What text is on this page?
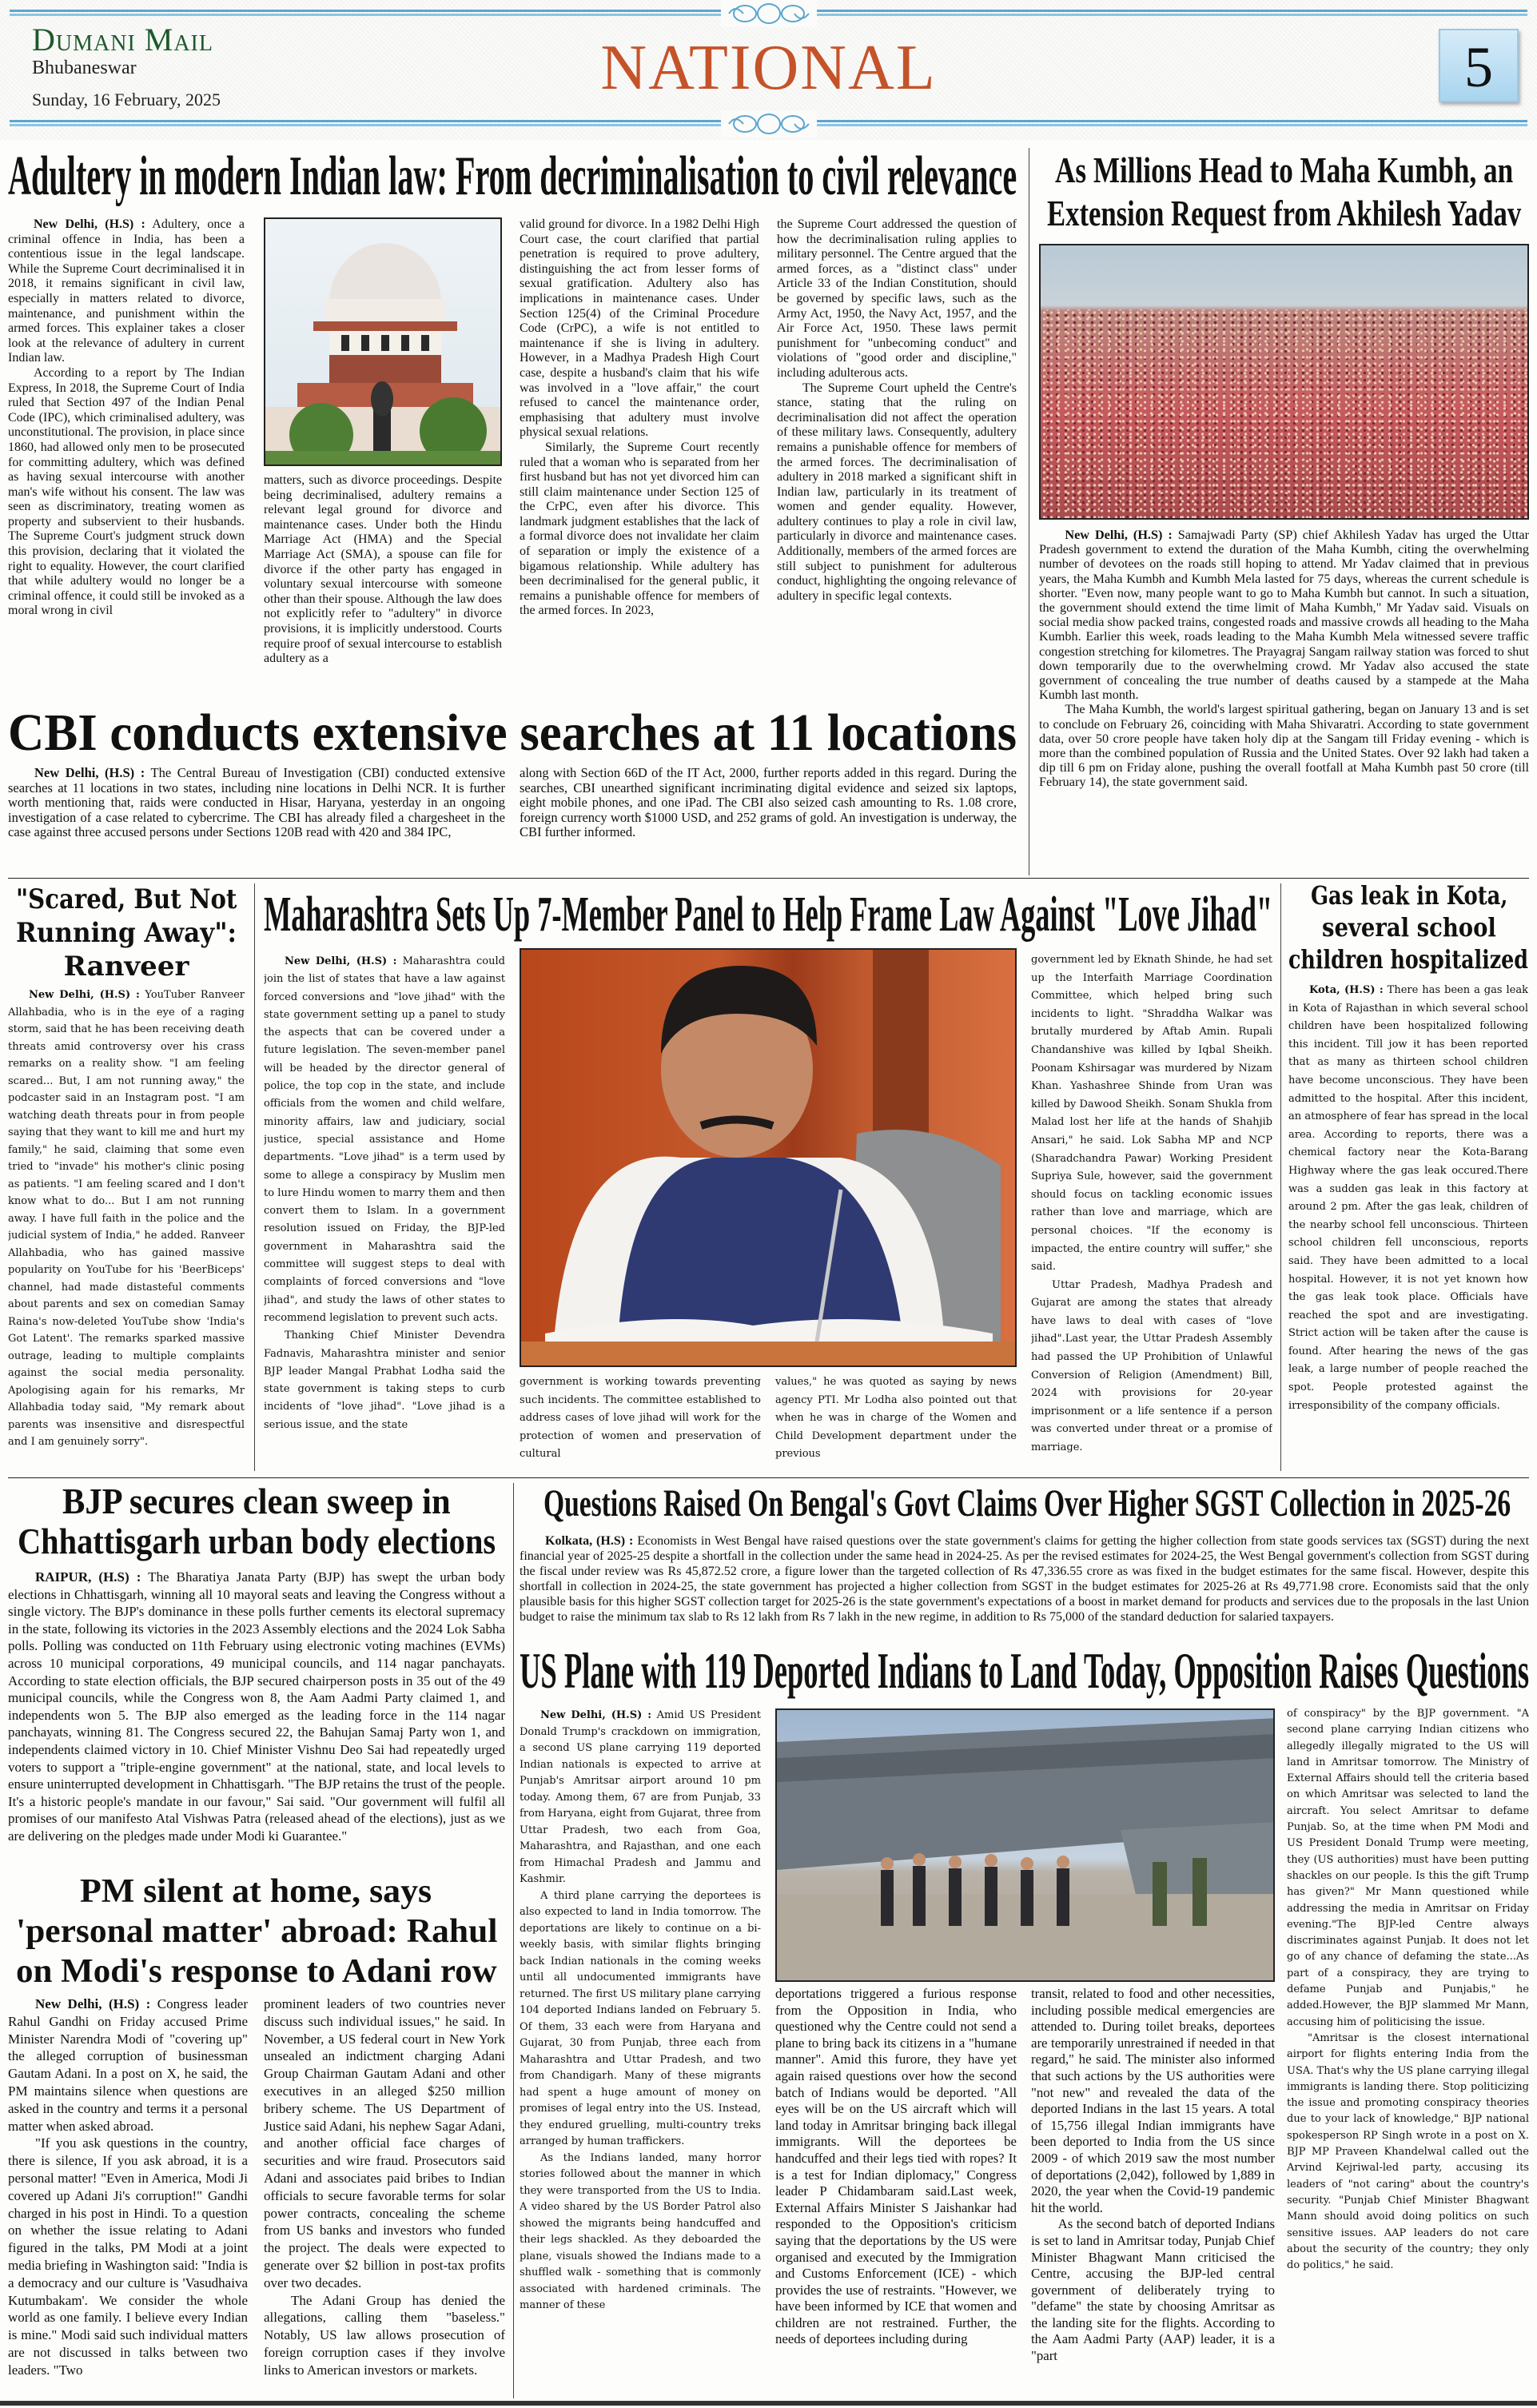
Dumani Mail
Bhubaneswar
Sunday, 16 February, 2025	NATIONAL	5
Adultery in modern Indian law: From decriminalisation to civil relevance

New Delhi, (H.S) : Adultery, once a criminal offence in India, has been a contentious issue in the legal landscape. While the Supreme Court decriminalised it in 2018, it remains significant in civil law, especially in matters related to divorce, maintenance, and punishment within the armed forces. This explainer takes a closer look at the relevance of adultery in current Indian law.

According to a report by The Indian Express, In 2018, the Supreme Court of India ruled that Section 497 of the Indian Penal Code (IPC), which criminalised adultery, was unconstitutional. The provision, in place since 1860, had allowed only men to be prosecuted for committing adultery, which was defined as having sexual intercourse with another man's wife without his consent. The law was seen as discriminatory, treating women as property and subservient to their husbands. The Supreme Court's judgment struck down this provision, declaring that it violated the right to equality. However, the court clarified that while adultery would no longer be a criminal offence, it could still be invoked as a moral wrong in civil

matters, such as divorce proceedings. Despite being decriminalised, adultery remains a relevant legal ground for divorce and maintenance cases. Under both the Hindu Marriage Act (HMA) and the Special Marriage Act (SMA), a spouse can file for divorce if the other party has engaged in voluntary sexual intercourse with someone other than their spouse. Although the law does not explicitly refer to "adultery" in divorce provisions, it is implicitly understood. Courts require proof of sexual intercourse to establish adultery as a

valid ground for divorce. In a 1982 Delhi High Court case, the court clarified that partial penetration is required to prove adultery, distinguishing the act from lesser forms of sexual gratification. Adultery also has implications in maintenance cases. Under Section 125(4) of the Criminal Procedure Code (CrPC), a wife is not entitled to maintenance if she is living in adultery. However, in a Madhya Pradesh High Court case, despite a husband's claim that his wife was involved in a "love affair," the court refused to cancel the maintenance order, emphasising that adultery must involve physical sexual relations.

Similarly, the Supreme Court recently ruled that a woman who is separated from her first husband but has not yet divorced him can still claim maintenance under Section 125 of the CrPC, even after his divorce. This landmark judgment establishes that the lack of a formal divorce does not invalidate her claim of separation or imply the existence of a bigamous relationship. While adultery has been decriminalised for the general public, it remains a punishable offence for members of the armed forces. In 2023,

the Supreme Court addressed the question of how the decriminalisation ruling applies to military personnel. The Centre argued that the armed forces, as a "distinct class" under Article 33 of the Indian Constitution, should be governed by specific laws, such as the Army Act, 1950, the Navy Act, 1957, and the Air Force Act, 1950. These laws permit punishment for "unbecoming conduct" and violations of "good order and discipline," including adulterous acts.

The Supreme Court upheld the Centre's stance, stating that the ruling on decriminalisation did not affect the operation of these military laws. Consequently, adultery remains a punishable offence for members of the armed forces. The decriminalisation of adultery in 2018 marked a significant shift in Indian law, particularly in its treatment of women and gender equality. However, adultery continues to play a role in civil law, particularly in divorce and maintenance cases. Additionally, members of the armed forces are still subject to punishment for adulterous conduct, highlighting the ongoing relevance of adultery in specific legal contexts.

As Millions Head to Maha Kumbh, an
Extension Request from Akhilesh Yadav

New Delhi, (H.S) : Samajwadi Party (SP) chief Akhilesh Yadav has urged the Uttar Pradesh government to extend the duration of the Maha Kumbh, citing the overwhelming number of devotees on the roads still hoping to attend. Mr Yadav claimed that in previous years, the Maha Kumbh and Kumbh Mela lasted for 75 days, whereas the current schedule is shorter. "Even now, many people want to go to Maha Kumbh but cannot. In such a situation, the government should extend the time limit of Maha Kumbh," Mr Yadav said. Visuals on social media show packed trains, congested roads and massive crowds all heading to the Maha Kumbh. Earlier this week, roads leading to the Maha Kumbh Mela witnessed severe traffic congestion stretching for kilometres. The Prayagraj Sangam railway station was forced to shut down temporarily due to the overwhelming crowd. Mr Yadav also accused the state government of concealing the true number of deaths caused by a stampede at the Maha Kumbh last month.

The Maha Kumbh, the world's largest spiritual gathering, began on January 13 and is set to conclude on February 26, coinciding with Maha Shivaratri. According to state government data, over 50 crore people have taken holy dip at the Sangam till Friday evening - which is more than the combined population of Russia and the United States. Over 92 lakh had taken a dip till 6 pm on Friday alone, pushing the overall footfall at Maha Kumbh past 50 crore (till February 14), the state government said.

CBI conducts extensive searches at 11 locations

New Delhi, (H.S) : The Central Bureau of Investigation (CBI) conducted extensive searches at 11 locations in two states, including nine locations in Delhi NCR. It is further worth mentioning that, raids were conducted in Hisar, Haryana, yesterday in an ongoing investigation of a case related to cybercrime. The CBI has already filed a chargesheet in the case against three accused persons under Sections 120B read with 420 and 384 IPC,

along with Section 66D of the IT Act, 2000, further reports added in this regard. During the searches, CBI unearthed significant incriminating digital evidence and seized six laptops, eight mobile phones, and one iPad. The CBI also seized cash amounting to Rs. 1.08 crore, foreign currency worth $1000 USD, and 252 grams of gold. An investigation is underway, the CBI further informed.

"Scared, But Not
Running Away":
Ranveer

New Delhi, (H.S) : YouTuber Ranveer Allahbadia, who is in the eye of a raging storm, said that he has been receiving death threats amid controversy over his crass remarks on a reality show. "I am feeling scared... But, I am not running away," the podcaster said in an Instagram post. "I am watching death threats pour in from people saying that they want to kill me and hurt my family," he said, claiming that some even tried to "invade" his mother's clinic posing as patients. "I am feeling scared and I don't know what to do... But I am not running away. I have full faith in the police and the judicial system of India," he added. Ranveer Allahbadia, who has gained massive popularity on YouTube for his 'BeerBiceps' channel, had made distasteful comments about parents and sex on comedian Samay Raina's now-deleted YouTube show 'India's Got Latent'. The remarks sparked massive outrage, leading to multiple complaints against the social media personality. Apologising again for his remarks, Mr Allahbadia today said, "My remark about parents was insensitive and disrespectful and I am genuinely sorry".

Maharashtra Sets Up 7-Member Panel to Help Frame Law Against "Love Jihad"

New Delhi, (H.S) : Maharashtra could join the list of states that have a law against forced conversions and "love jihad" with the state government setting up a panel to study the aspects that can be covered under a future legislation. The seven-member panel will be headed by the director general of police, the top cop in the state, and include officials from the women and child welfare, minority affairs, law and judiciary, social justice, special assistance and Home departments. "Love jihad" is a term used by some to allege a conspiracy by Muslim men to lure Hindu women to marry them and then convert them to Islam. In a government resolution issued on Friday, the BJP-led government in Maharashtra said the committee will suggest steps to deal with complaints of forced conversions and "love jihad", and study the laws of other states to recommend legislation to prevent such acts.

Thanking Chief Minister Devendra Fadnavis, Maharashtra minister and senior BJP leader Mangal Prabhat Lodha said the state government is taking steps to curb incidents of "love jihad". "Love jihad is a serious issue, and the state

government is working towards preventing such incidents. The committee established to address cases of love jihad will work for the protection of women and preservation of cultural

values," he was quoted as saying by news agency PTI. Mr Lodha also pointed out that when he was in charge of the Women and Child Development department under the previous

government led by Eknath Shinde, he had set up the Interfaith Marriage Coordination Committee, which helped bring such incidents to light. "Shraddha Walkar was brutally murdered by Aftab Amin. Rupali Chandanshive was killed by Iqbal Sheikh. Poonam Kshirsagar was murdered by Nizam Khan. Yashashree Shinde from Uran was killed by Dawood Sheikh. Sonam Shukla from Malad lost her life at the hands of Shahjib Ansari," he said. Lok Sabha MP and NCP (Sharadchandra Pawar) Working President Supriya Sule, however, said the government should focus on tackling economic issues rather than love and marriage, which are personal choices. "If the economy is impacted, the entire country will suffer," she said.

Uttar Pradesh, Madhya Pradesh and Gujarat are among the states that already have laws to deal with cases of "love jihad".Last year, the Uttar Pradesh Assembly had passed the UP Prohibition of Unlawful Conversion of Religion (Amendment) Bill, 2024 with provisions for 20-year imprisonment or a life sentence if a person was converted under threat or a promise of marriage.

Gas leak in Kota,
several school
children hospitalized

Kota, (H.S) : There has been a gas leak in Kota of Rajasthan in which several school children have been hospitalized following this incident. Till jow it has been reported that as many as thirteen school children have become unconscious. They have been admitted to the hospital. After this incident, an atmosphere of fear has spread in the local area. According to reports, there was a chemical factory near the Kota-Barang Highway where the gas leak occured.There was a sudden gas leak in this factory at around 2 pm. After the gas leak, children of the nearby school fell unconscious. Thirteen school children fell unconscious, reports said. They have been admitted to a local hospital. However, it is not yet known how the gas leak took place. Officials have reached the spot and are investigating. Strict action will be taken after the cause is found. After hearing the news of the gas leak, a large number of people reached the spot. People protested against the irresponsibility of the company officials.

BJP secures clean sweep in
Chhattisgarh urban body elections

RAIPUR, (H.S) : The Bharatiya Janata Party (BJP) has swept the urban body elections in Chhattisgarh, winning all 10 mayoral seats and leaving the Congress without a single victory. The BJP's dominance in these polls further cements its electoral supremacy in the state, following its victories in the 2023 Assembly elections and the 2024 Lok Sabha polls. Polling was conducted on 11th February using electronic voting machines (EVMs) across 10 municipal corporations, 49 municipal councils, and 114 nagar panchayats. According to state election officials, the BJP secured chairperson posts in 35 out of the 49 municipal councils, while the Congress won 8, the Aam Aadmi Party claimed 1, and independents won 5. The BJP also emerged as the leading force in the 114 nagar panchayats, winning 81. The Congress secured 22, the Bahujan Samaj Party won 1, and independents claimed victory in 10. Chief Minister Vishnu Deo Sai had repeatedly urged voters to support a "triple-engine government" at the national, state, and local levels to ensure uninterrupted development in Chhattisgarh. "The BJP retains the trust of the people. It's a historic people's mandate in our favour," Sai said. "Our government will fulfil all promises of our manifesto Atal Vishwas Patra (released ahead of the elections), just as we are delivering on the pledges made under Modi ki Guarantee."

PM silent at home, says
'personal matter' abroad: Rahul
on Modi's response to Adani row

New Delhi, (H.S) : Congress leader Rahul Gandhi on Friday accused Prime Minister Narendra Modi of "covering up" the alleged corruption of businessman Gautam Adani. In a post on X, he said, the PM maintains silence when questions are asked in the country and terms it a personal matter when asked abroad.

"If you ask questions in the country, there is silence, If you ask abroad, it is a personal matter! "Even in America, Modi Ji covered up Adani Ji's corruption!" Gandhi charged in his post in Hindi. To a question on whether the issue relating to Adani figured in the talks, PM Modi at a joint media briefing in Washington said: "India is a democracy and our culture is 'Vasudhaiva Kutumbakam'. We consider the whole world as one family. I believe every Indian is mine." Modi said such individual matters are not discussed in talks between two leaders. "Two

prominent leaders of two countries never discuss such individual issues," he said. In November, a US federal court in New York unsealed an indictment charging Adani Group Chairman Gautam Adani and other executives in an alleged $250 million bribery scheme. The US Department of Justice said Adani, his nephew Sagar Adani, and another official face charges of securities and wire fraud. Prosecutors said Adani and associates paid bribes to Indian officials to secure favorable terms for solar power contracts, concealing the scheme from US banks and investors who funded the project. The deals were expected to generate over $2 billion in post-tax profits over two decades.

The Adani Group has denied the allegations, calling them "baseless." Notably, US law allows prosecution of foreign corruption cases if they involve links to American investors or markets.

Questions Raised On Bengal's Govt Claims Over Higher SGST Collection in 2025-26

Kolkata, (H.S) : Economists in West Bengal have raised questions over the state government's claims for getting the higher collection from state goods services tax (SGST) during the next financial year of 2025-25 despite a shortfall in the collection under the same head in 2024-25. As per the revised estimates for 2024-25, the West Bengal government's collection from SGST during the fiscal under review was Rs 45,872.52 crore, a figure lower than the targeted collection of Rs 47,336.55 crore as was fixed in the budget estimates for the same fiscal. However, despite this shortfall in collection in 2024-25, the state government has projected a higher collection from SGST in the budget estimates for 2025-26 at Rs 49,771.98 crore. Economists said that the only plausible basis for this higher SGST collection target for 2025-26 is the state government's expectations of a boost in market demand for products and services due to the proposals in the last Union budget to raise the minimum tax slab to Rs 12 lakh from Rs 7 lakh in the new regime, in addition to Rs 75,000 of the standard deduction for salaried taxpayers.

US Plane with 119 Deported Indians to Land Today, Opposition Raises Questions

New Delhi, (H.S) : Amid US President Donald Trump's crackdown on immigration, a second US plane carrying 119 deported Indian nationals is expected to arrive at Punjab's Amritsar airport around 10 pm today. Among them, 67 are from Punjab, 33 from Haryana, eight from Gujarat, three from Uttar Pradesh, two each from Goa, Maharashtra, and Rajasthan, and one each from Himachal Pradesh and Jammu and Kashmir.

A third plane carrying the deportees is also expected to land in India tomorrow. The deportations are likely to continue on a bi-weekly basis, with similar flights bringing back Indian nationals in the coming weeks until all undocumented immigrants have returned. The first US military plane carrying 104 deported Indians landed on February 5. Of them, 33 each were from Haryana and Gujarat, 30 from Punjab, three each from Maharashtra and Uttar Pradesh, and two from Chandigarh. Many of these migrants had spent a huge amount of money on promises of legal entry into the US. Instead, they endured gruelling, multi-country treks arranged by human traffickers.

As the Indians landed, many horror stories followed about the manner in which they were transported from the US to India. A video shared by the US Border Patrol also showed the migrants being handcuffed and their legs shackled. As they deboarded the plane, visuals showed the Indians made to a shuffled walk - something that is commonly associated with hardened criminals. The manner of these

deportations triggered a furious response from the Opposition in India, who questioned why the Centre could not send a plane to bring back its citizens in a "humane manner". Amid this furore, they have yet again raised questions over how the second batch of Indians would be deported. "All eyes will be on the US aircraft which will land today in Amritsar bringing back illegal immigrants. Will the deportees be handcuffed and their legs tied with ropes? It is a test for Indian diplomacy," Congress leader P Chidambaram said.Last week, External Affairs Minister S Jaishankar had responded to the Opposition's criticism saying that the deportations by the US were organised and executed by the Immigration and Customs Enforcement (ICE) - which provides the use of restraints. "However, we have been informed by ICE that women and children are not restrained. Further, the needs of deportees including during

transit, related to food and other necessities, including possible medical emergencies are attended to. During toilet breaks, deportees are temporarily unrestrained if needed in that regard," he said. The minister also informed that such actions by the US authorities were "not new" and revealed the data of the deported Indians in the last 15 years. A total of 15,756 illegal Indian immigrants have been deported to India from the US since 2009 - of which 2019 saw the most number of deportations (2,042), followed by 1,889 in 2020, the year when the Covid-19 pandemic hit the world.

As the second batch of deported Indians is set to land in Amritsar today, Punjab Chief Minister Bhagwant Mann criticised the Centre, accusing the BJP-led central government of deliberately trying to "defame" the state by choosing Amritsar as the landing site for the flights. According to the Aam Aadmi Party (AAP) leader, it is a "part

of conspiracy" by the BJP government. "A second plane carrying Indian citizens who allegedly illegally migrated to the US will land in Amritsar tomorrow. The Ministry of External Affairs should tell the criteria based on which Amritsar was selected to land the aircraft. You select Amritsar to defame Punjab. So, at the time when PM Modi and US President Donald Trump were meeting, they (US authorities) must have been putting shackles on our people. Is this the gift Trump has given?" Mr Mann questioned while addressing the media in Amritsar on Friday evening."The BJP-led Centre always discriminates against Punjab. It does not let go of any chance of defaming the state...As part of a conspiracy, they are trying to defame Punjab and Punjabis," he added.However, the BJP slammed Mr Mann, accusing him of politicising the issue.

"Amritsar is the closest international airport for flights entering India from the USA. That's why the US plane carrying illegal immigrants is landing there. Stop politicizing the issue and promoting conspiracy theories due to your lack of knowledge," BJP national spokesperson RP Singh wrote in a post on X. BJP MP Praveen Khandelwal called out the Arvind Kejriwal-led party, accusing its leaders of "not caring" about the country's security. "Punjab Chief Minister Bhagwant Mann should avoid doing politics on such sensitive issues. AAP leaders do not care about the security of the country; they only do politics," he said.
